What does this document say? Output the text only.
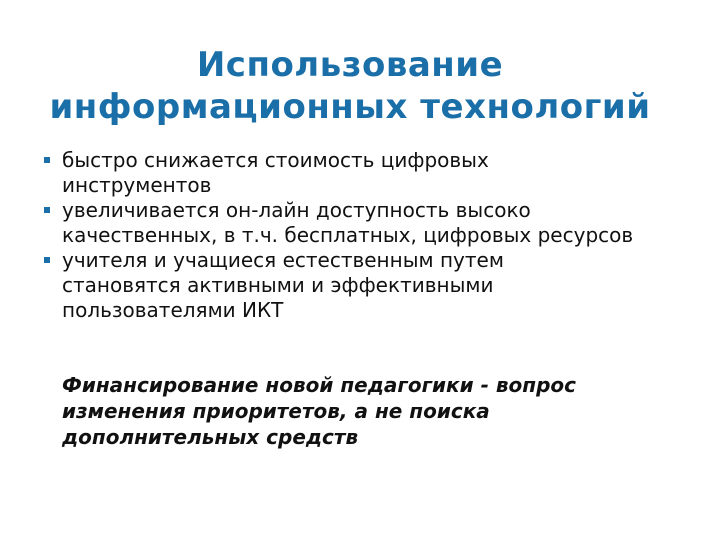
Использование
информационных технологий
быстро снижается стоимость цифровых
инструментов
увеличивается он-лайн доступность высоко
качественных, в т.ч. бесплатных, цифровых ресурсов
учителя и учащиеся естественным путем
становятся активными и эффективными
пользователями ИКТ

Финансирование новой педагогики - вопрос
изменения приоритетов, а не поиска
дополнительных средств
